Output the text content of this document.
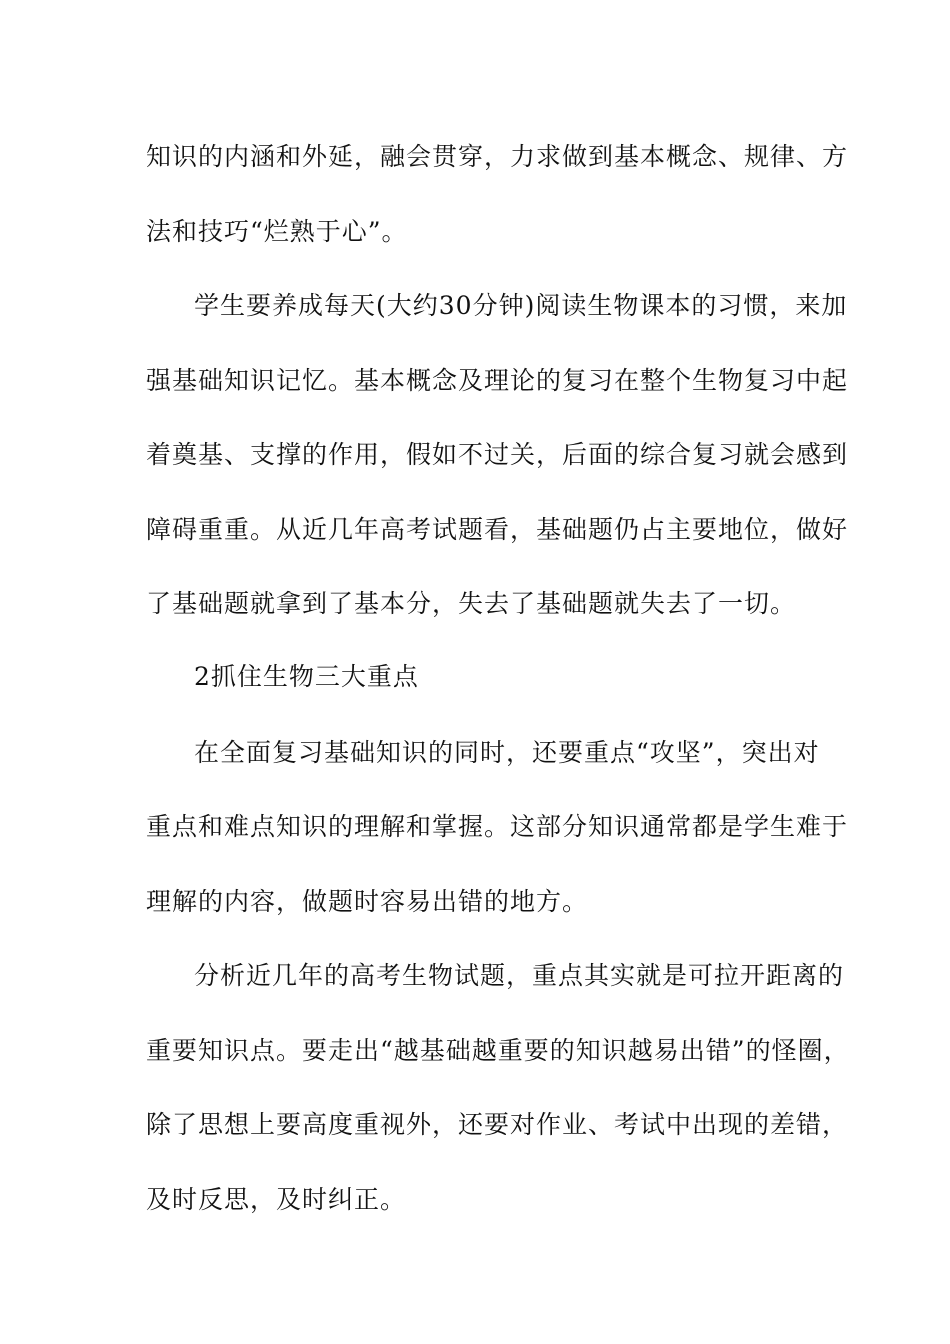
知识的内涵和外延，融会贯穿，力求做到基本概念、规律、方
法和技巧“烂熟于心”。
学生要养成每天(大约30分钟)阅读生物课本的习惯，来加
强基础知识记忆。基本概念及理论的复习在整个生物复习中起
着奠基、支撑的作用，假如不过关，后面的综合复习就会感到
障碍重重。从近几年高考试题看，基础题仍占主要地位，做好
了基础题就拿到了基本分，失去了基础题就失去了一切。
2抓住生物三大重点
在全面复习基础知识的同时，还要重点“攻坚”，突出对
重点和难点知识的理解和掌握。这部分知识通常都是学生难于
理解的内容，做题时容易出错的地方。
分析近几年的高考生物试题，重点其实就是可拉开距离的
重要知识点。要走出“越基础越重要的知识越易出错”的怪圈，
除了思想上要高度重视外，还要对作业、考试中出现的差错，
及时反思，及时纠正。
